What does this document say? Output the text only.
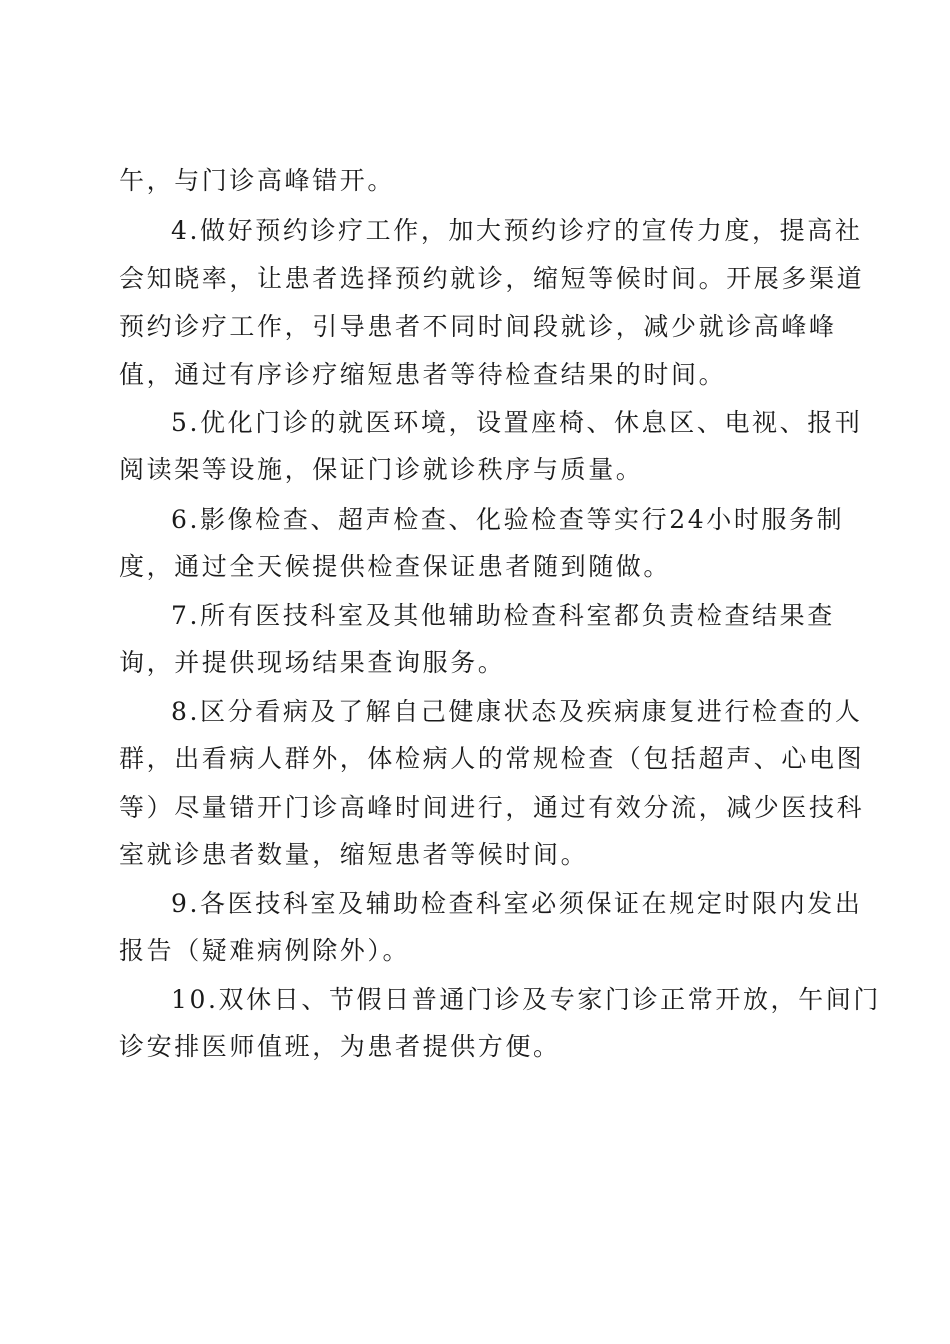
午，与门诊高峰错开。
4.做好预约诊疗工作，加大预约诊疗的宣传力度，提高社
会知晓率，让患者选择预约就诊，缩短等候时间。开展多渠道
预约诊疗工作，引导患者不同时间段就诊，减少就诊高峰峰
值，通过有序诊疗缩短患者等待检查结果的时间。
5.优化门诊的就医环境，设置座椅、休息区、电视、报刊
阅读架等设施，保证门诊就诊秩序与质量。
6.影像检查、超声检查、化验检查等实行24小时服务制
度，通过全天候提供检查保证患者随到随做。
7.所有医技科室及其他辅助检查科室都负责检查结果查
询，并提供现场结果查询服务。
8.区分看病及了解自己健康状态及疾病康复进行检查的人
群，出看病人群外，体检病人的常规检查（包括超声、心电图
等）尽量错开门诊高峰时间进行，通过有效分流，减少医技科
室就诊患者数量，缩短患者等候时间。
9.各医技科室及辅助检查科室必须保证在规定时限内发出
报告（疑难病例除外）。
10.双休日、节假日普通门诊及专家门诊正常开放，午间门
诊安排医师值班，为患者提供方便。
